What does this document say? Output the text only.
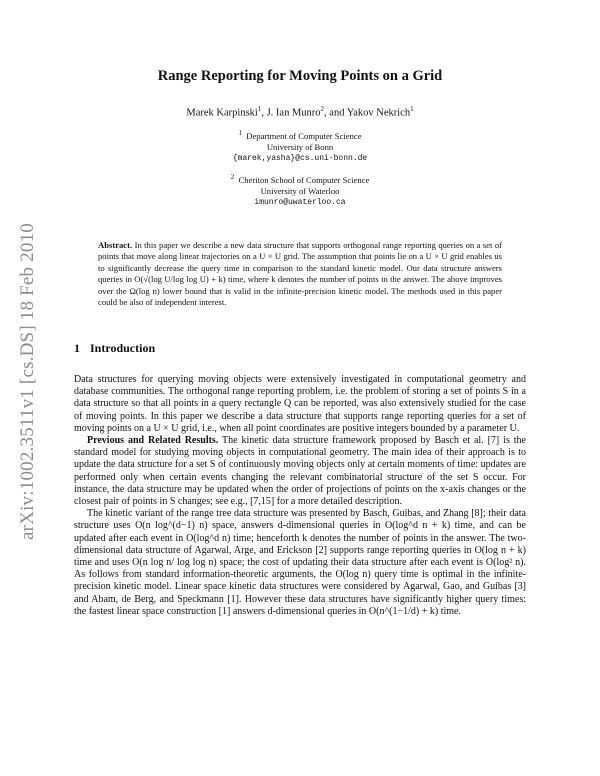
arXiv:1002.3511v1 [cs.DS] 18 Feb 2010
Range Reporting for Moving Points on a Grid
Marek Karpinski$^1$, J. Ian Munro$^2$, and Yakov Nekrich$^1$
$^1$ Department of Computer Science
University of Bonn
{marek,yasha}@cs.uni-bonn.de
$^2$ Cheriton School of Computer Science
University of Waterloo
imunro@uwaterloo.ca
Abstract. In this paper we describe a new data structure that supports orthogonal range reporting queries on a set of points that move along linear trajectories on a U × U grid. The assumption that points lie on a U × U grid enables us to significantly decrease the query time in comparison to the standard kinetic model. Our data structure answers queries in O(√(log U/log log U) + k) time, where k denotes the number of points in the answer. The above improves over the Ω(log n) lower bound that is valid in the infinite-precision kinetic model. The methods used in this paper could be also of independent interest.
1 Introduction

Data structures for querying moving objects were extensively investigated in computational geometry and database communities. The orthogonal range reporting problem, i.e. the problem of storing a set of points S in a data structure so that all points in a query rectangle Q can be reported, was also extensively studied for the case of moving points. In this paper we describe a data structure that supports range reporting queries for a set of moving points on a U × U grid, i.e., when all point coordinates are positive integers bounded by a parameter U.

Previous and Related Results. The kinetic data structure framework proposed by Basch et al. [7] is the standard model for studying moving objects in computational geometry. The main idea of their approach is to update the data structure for a set S of continuously moving objects only at certain moments of time: updates are performed only when certain events changing the relevant combinatorial structure of the set S occur. For instance, the data structure may be updated when the order of projections of points on the x-axis changes or the closest pair of points in S changes; see e.g., [7,15] for a more detailed description.

The kinetic variant of the range tree data structure was presented by Basch, Guibas, and Zhang [8]; their data structure uses O(n log^(d−1) n) space, answers d-dimensional queries in O(log^d n + k) time, and can be updated after each event in O(log^d n) time; henceforth k denotes the number of points in the answer. The two-dimensional data structure of Agarwal, Arge, and Erickson [2] supports range reporting queries in O(log n + k) time and uses O(n log n/ log log n) space; the cost of updating their data structure after each event is O(log² n). As follows from standard information-theoretic arguments, the O(log n) query time is optimal in the infinite-precision kinetic model. Linear space kinetic data structures were considered by Agarwal, Gao, and Guibas [3] and Abam, de Berg, and Speckmann [1]. However these data structures have significantly higher query times: the fastest linear space construction [1] answers d-dimensional queries in O(n^(1−1/d) + k) time.
